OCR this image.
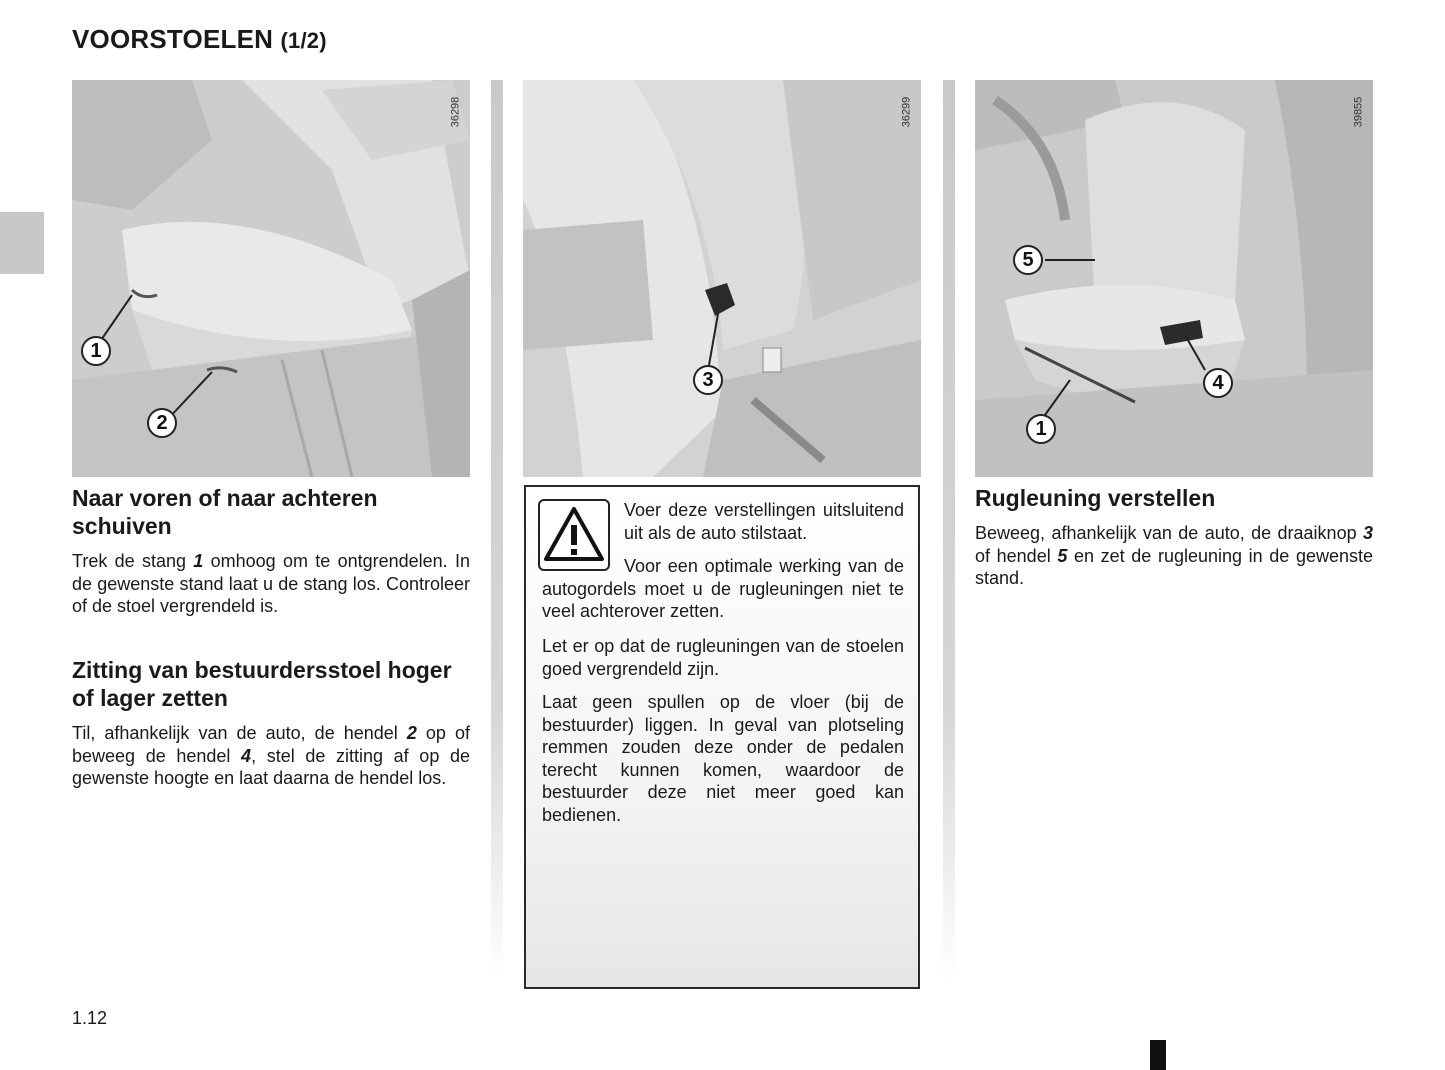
VOORSTOELEN (1/2)
36298
1
2
36299
3
39855
5
4
1
Naar voren of naar achteren schuiven

Trek de stang 1 omhoog om te ontgrendelen. In de gewenste stand laat u de stang los. Controleer of de stoel vergrendeld is.

Zitting van bestuurdersstoel hoger of lager zetten

Til, afhankelijk van de auto, de hendel 2 op of beweeg de hendel 4, stel de zitting af op de gewenste hoogte en laat daarna de hendel los.

Voer deze verstellingen uitsluitend uit als de auto stilstaat.

Voor een optimale werking van de autogordels moet u de rugleuningen niet te veel achterover zetten.

Let er op dat de rugleuningen van de stoelen goed vergrendeld zijn.

Laat geen spullen op de vloer (bij de bestuurder) liggen. In geval van plotseling remmen zouden deze onder de pedalen terecht kunnen komen, waardoor de bestuurder deze niet meer goed kan bedienen.

Rugleuning verstellen

Beweeg, afhankelijk van de auto, de draaiknop 3 of hendel 5 en zet de rugleuning in de gewenste stand.

1.12
